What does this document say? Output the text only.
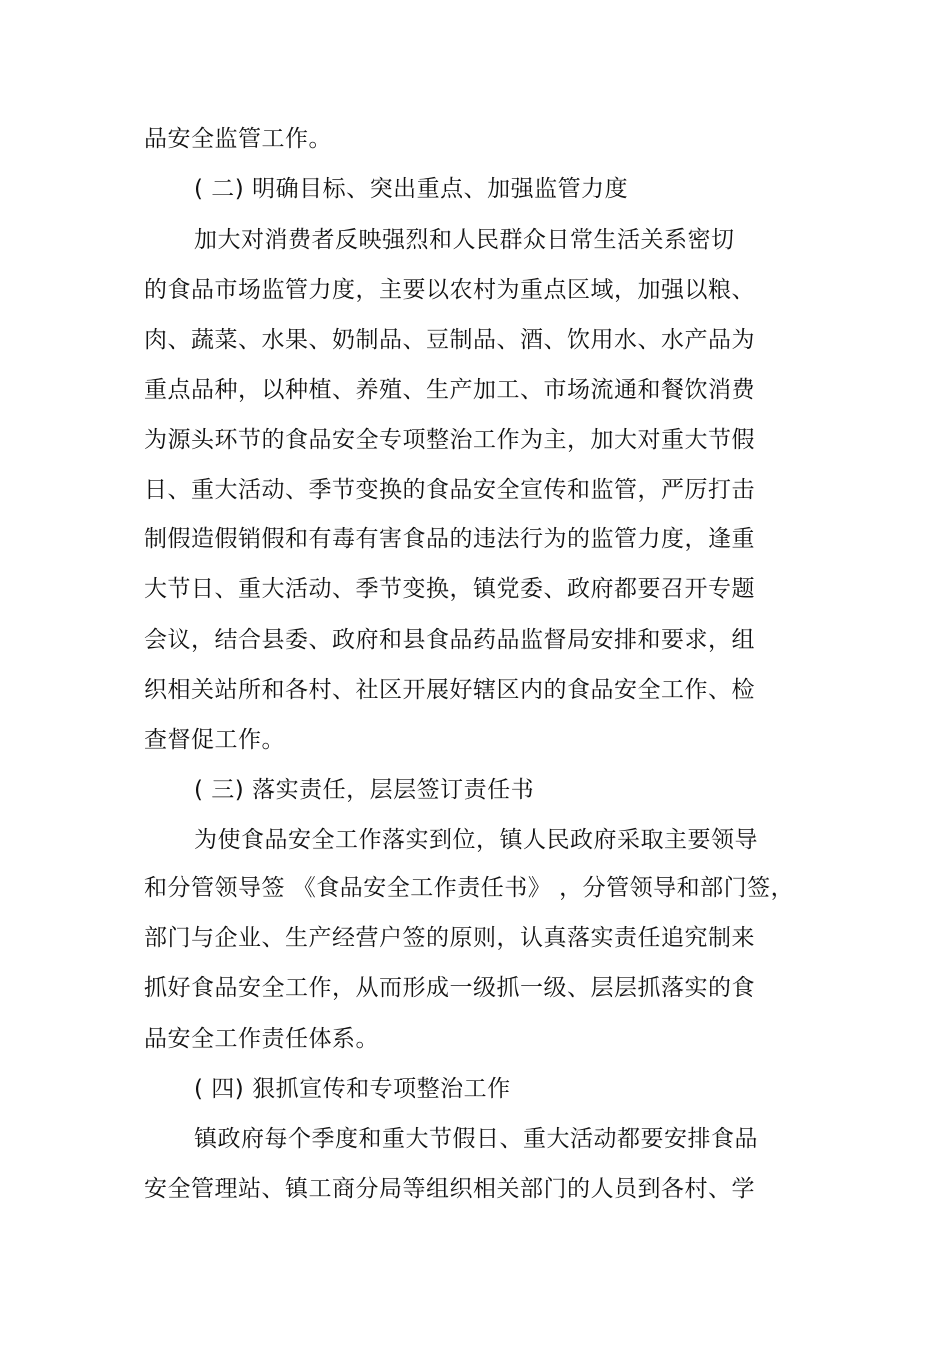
品安全监管工作。
( 二) 明确目标、突出重点、加强监管力度
加大对消费者反映强烈和人民群众日常生活关系密切
的食品市场监管力度，主要以农村为重点区域，加强以粮、
肉、蔬菜、水果、奶制品、豆制品、酒、饮用水、水产品为
重点品种，以种植、养殖、生产加工、市场流通和餐饮消费
为源头环节的食品安全专项整治工作为主，加大对重大节假
日、重大活动、季节变换的食品安全宣传和监管，严厉打击
制假造假销假和有毒有害食品的违法行为的监管力度，逢重
大节日、重大活动、季节变换，镇党委、政府都要召开专题
会议，结合县委、政府和县食品药品监督局安排和要求，组
织相关站所和各村、社区开展好辖区内的食品安全工作、检
查督促工作。
( 三) 落实责任，层层签订责任书
为使食品安全工作落实到位，镇人民政府采取主要领导
和分管领导签 《食品安全工作责任书》 ，分管领导和部门签，
部门与企业、生产经营户签的原则，认真落实责任追究制来
抓好食品安全工作，从而形成一级抓一级、层层抓落实的食
品安全工作责任体系。
( 四) 狠抓宣传和专项整治工作
镇政府每个季度和重大节假日、重大活动都要安排食品
安全管理站、镇工商分局等组织相关部门的人员到各村、学
